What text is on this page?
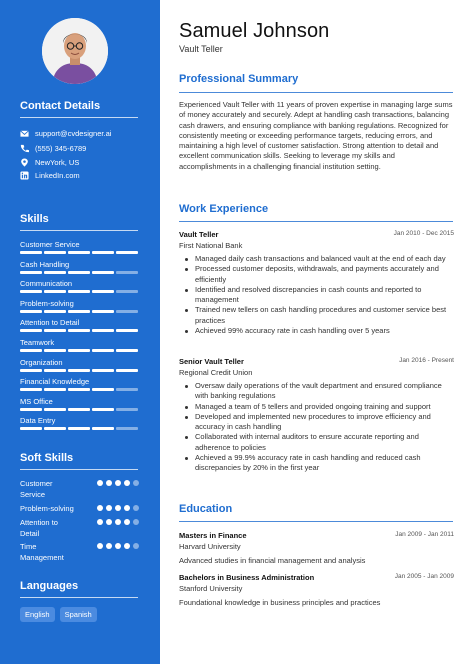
Contact Details
support@cvdesigner.ai
(555) 345-6789
NewYork, US
LinkedIn.com
Skills
Customer Service
Cash Handling
Communication
Problem-solving
Attention to Detail
Teamwork
Organization
Financial Knowledge
MS Office
Data Entry
Soft Skills
Customer
Service
Problem-solving
Attention to
Detail
Time
Management
Languages
English	Spanish
Samuel Johnson
Vault Teller
Professional Summary
Experienced Vault Teller with 11 years of proven expertise in managing large sums of money accurately and securely. Adept at handling cash transactions, balancing cash drawers, and ensuring compliance with banking regulations. Recognized for consistently meeting or exceeding performance targets, reducing errors, and maintaining a high level of customer satisfaction. Strong attention to detail and excellent communication skills. Seeking to leverage my skills and accomplishments in a challenging financial institution setting.
Work Experience
Vault Teller	Jan 2010 - Dec 2015
First National Bank
Managed daily cash transactions and balanced vault at the end of each day
Processed customer deposits, withdrawals, and payments accurately and efficiently
Identified and resolved discrepancies in cash counts and reported to management
Trained new tellers on cash handling procedures and customer service best practices
Achieved 99% accuracy rate in cash handling over 5 years
Senior Vault Teller	Jan 2016 - Present
Regional Credit Union
Oversaw daily operations of the vault department and ensured compliance with banking regulations
Managed a team of 5 tellers and provided ongoing training and support
Developed and implemented new procedures to improve efficiency and accuracy in cash handling
Collaborated with internal auditors to ensure accurate reporting and adherence to policies
Achieved a 99.9% accuracy rate in cash handling and reduced cash discrepancies by 20% in the first year
Education
Masters in Finance	Jan 2009 - Jan 2011
Harvard University
Advanced studies in financial management and analysis
Bachelors in Business Administration	Jan 2005 - Jan 2009
Stanford University
Foundational knowledge in business principles and practices
